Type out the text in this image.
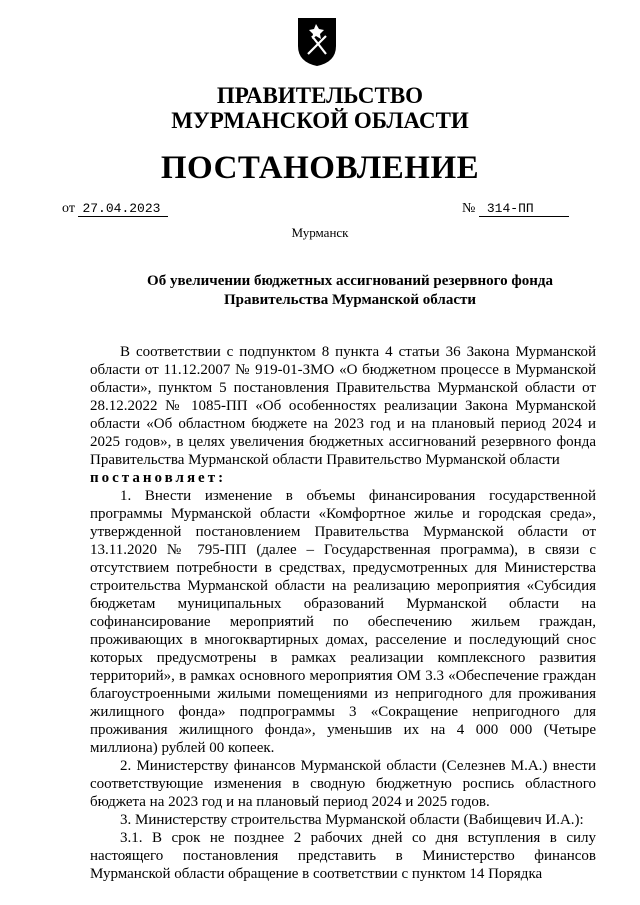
ПРАВИТЕЛЬСТВО
МУРМАНСКОЙ ОБЛАСТИ
ПОСТАНОВЛЕНИЕ
от 27.04.2023	№ 314-ПП
Мурманск
Об увеличении бюджетных ассигнований резервного фонда
Правительства Мурманской области

В соответствии с подпунктом 8 пункта 4 статьи 36 Закона Мурманской области от 11.12.2007 № 919-01-ЗМО «О бюджетном процессе в Мурманской области», пунктом 5 постановления Правительства Мурманской области от 28.12.2022 № 1085-ПП «Об особенностях реализации Закона Мурманской области «Об областном бюджете на 2023 год и на плановый период 2024 и 2025 годов», в целях увеличения бюджетных ассигнований резервного фонда Правительства Мурманской области Правительство Мурманской области

постановляет:

1. Внести изменение в объемы финансирования государственной программы Мурманской области «Комфортное жилье и городская среда», утвержденной постановлением Правительства Мурманской области от 13.11.2020 № 795-ПП (далее – Государственная программа), в связи с отсутствием потребности в средствах, предусмотренных для Министерства строительства Мурманской области на реализацию мероприятия «Субсидия бюджетам муниципальных образований Мурманской области на софинансирование мероприятий по обеспечению жильем граждан, проживающих в многоквартирных домах, расселение и последующий снос которых предусмотрены в рамках реализации комплексного развития территорий», в рамках основного мероприятия ОМ 3.3 «Обеспечение граждан благоустроенными жилыми помещениями из непригодного для проживания жилищного фонда» подпрограммы 3 «Сокращение непригодного для проживания жилищного фонда», уменьшив их на 4 000 000 (Четыре миллиона) рублей 00 копеек.

2. Министерству финансов Мурманской области (Селезнев М.А.) внести соответствующие изменения в сводную бюджетную роспись областного бюджета на 2023 год и на плановый период 2024 и 2025 годов.

3. Министерству строительства Мурманской области (Вабищевич И.А.):

3.1. В срок не позднее 2 рабочих дней со дня вступления в силу настоящего постановления представить в Министерство финансов Мурманской области обращение в соответствии с пунктом 14 Порядка
